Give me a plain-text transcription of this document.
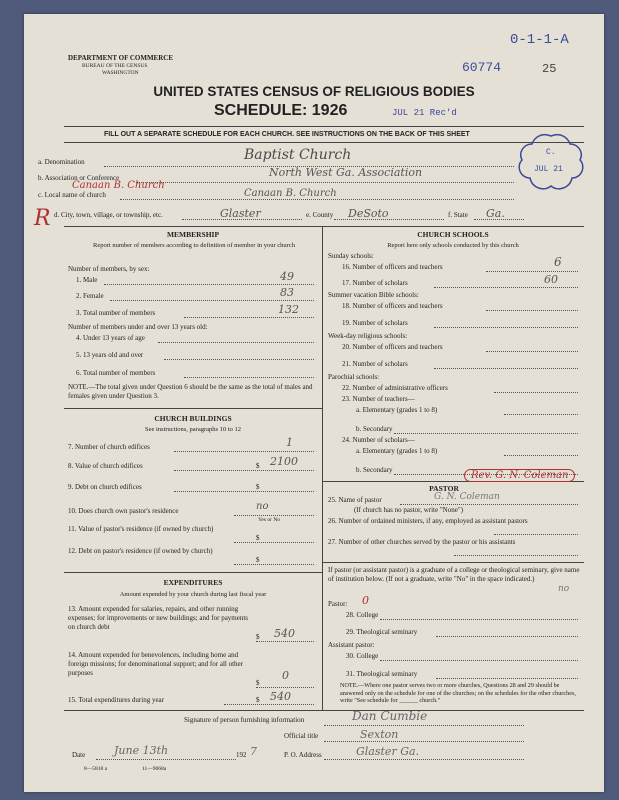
DEPARTMENT OF COMMERCE
BUREAU OF THE CENSUS
WASHINGTON
0-1-1-A
60774	25
UNITED STATES CENSUS OF RELIGIOUS BODIES
SCHEDULE: 1926	JUL 21 Rec'd
FILL OUT A SEPARATE SCHEDULE FOR EACH CHURCH. SEE INSTRUCTIONS ON THE BACK OF THIS SHEET
C.
JUL 21
a. Denomination	Baptist Church
b. Association or Conference	North West Ga. Association
Canaan B. Church
c. Local name of church	Canaan B. Church
R d. City, town, village, or township, etc.	Glaster	e. County DeSoto	f. State Ga.
MEMBERSHIP
Report number of members according to definition of member in your church
Number of members, by sex:
1. Male	49
2. Female	83
3. Total number of members	132
Number of members under and over 13 years old:
4. Under 13 years of age
5. 13 years old and over
6. Total number of members
NOTE.—The total given under Question 6 should be the same as the total of males and females given under Question 3.
CHURCH BUILDINGS
See instructions, paragraphs 10 to 12
7. Number of church edifices	1
8. Value of church edifices	$ 2100
9. Debt on church edifices	$
10. Does church own pastor's residence	no
Yes or No
11. Value of pastor's residence (if owned by church)
$
12. Debt on pastor's residence (if owned by church)
$
EXPENDITURES
Amount expended by your church during last fiscal year
13. Amount expended for salaries, repairs, and other running expenses; for improvements or new buildings; and for payments on church debt
$ 540
14. Amount expended for benevolences, including home and foreign missions; for denominational support; and for all other purposes
$
0
15. Total expenditures during year	$ 540
CHURCH SCHOOLS
Report here only schools conducted by this church
Sunday schools:
16. Number of officers and teachers	6
17. Number of scholars	60
Summer vacation Bible schools:
18. Number of officers and teachers
19. Number of scholars
Week-day religious schools:
20. Number of officers and teachers
21. Number of scholars
Parochial schools:
22. Number of administrative officers
23. Number of teachers—
a. Elementary (grades 1 to 8)
b. Secondary
24. Number of scholars—
a. Elementary (grades 1 to 8)
b. Secondary
PASTOR
Rev. G. N. Coleman
25. Name of pastor	G. N. Coleman
(If church has no pastor, write "None")
26. Number of ordained ministers, if any, employed as assistant pastors
27. Number of other churches served by the pastor or his assistants
If pastor (or assistant pastor) is a graduate of a college or theological seminary, give name of institution below. (If not a graduate, write "No" in the space indicated.)
no
Pastor: 0
28. College
29. Theological seminary
Assistant pastor:
30. College
31. Theological seminary
NOTE.—Where one pastor serves two or more churches, Questions 28 and 29 should be answered only on the schedule for one of the churches; on the schedules for the other churches, write "See schedule for ______ church."
Signature of person furnishing information	Dan Cumbie
Official title	Sexton
Date	June 13th	192 7	P. O. Address	Glaster Ga.
8—5818 a	11—9068a
